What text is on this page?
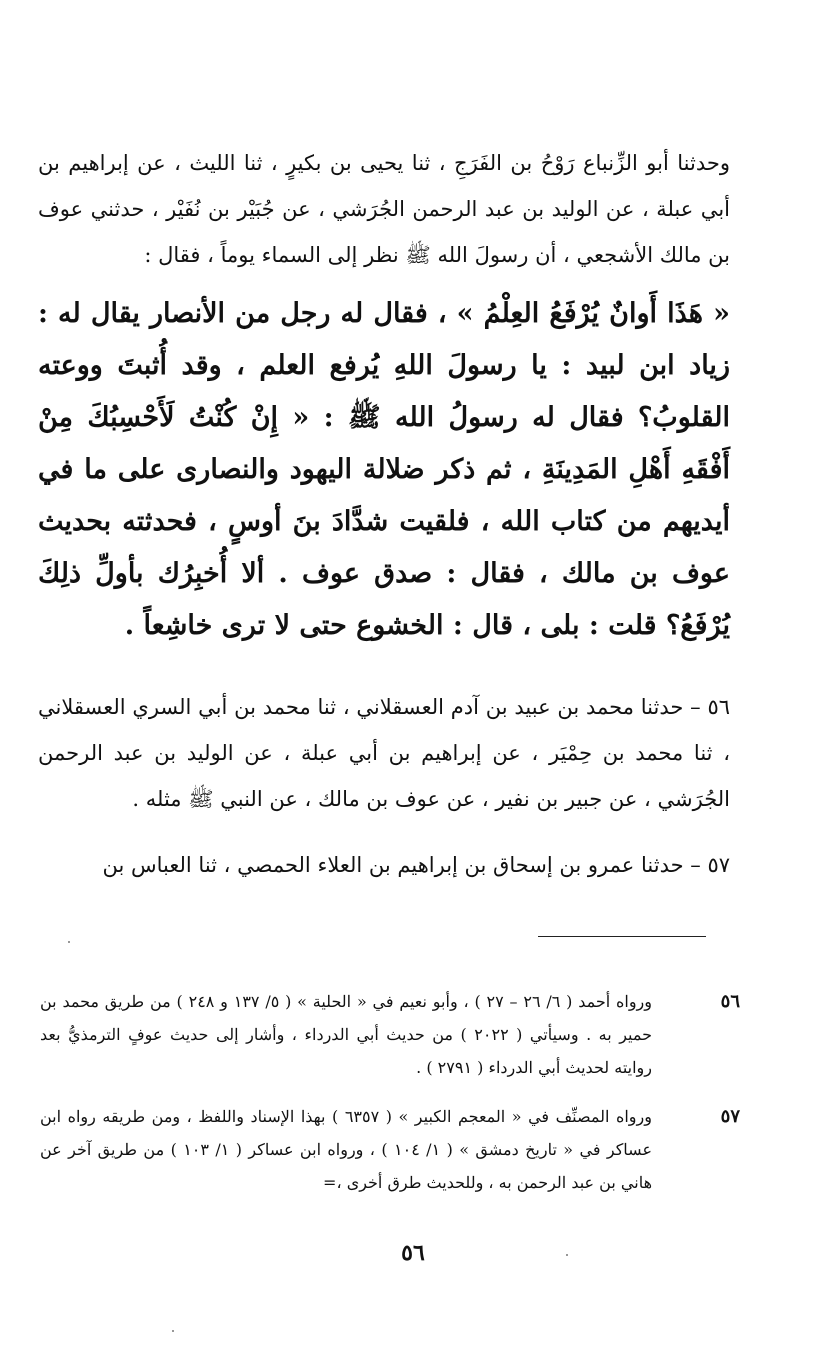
وحدثنا أبو الزِّنباع رَوْحُ بن الفَرَجِ ، ثنا يحيى بن بكيرٍ ، ثنا الليث ، عن إبراهيم بن أبي عبلة ، عن الوليد بن عبد الرحمن الجُرَشي ، عن جُبَيْر بن نُفَيْر ، حدثني عوف بن مالك الأشجعي ، أن رسولَ الله ﷺ نظر إلى السماء يوماً ، فقال :

« هَذَا أَوانٌ يُرْفَعُ العِلْمُ » ، فقال له رجل من الأنصار يقال له : زياد ابن لبيد : يا رسولَ اللهِ يُرفع العلم ، وقد أُثبتَ ووعته القلوبُ؟ فقال له رسولُ الله ﷺ : « إِنْ كُنْتُ لَأَحْسِبُكَ مِنْ أَفْقَهِ أَهْلِ المَدِينَةِ ، ثم ذكر ضلالة اليهود والنصارى على ما في أيديهم من كتاب الله ، فلقيت شدَّادَ بنَ أوسٍ ، فحدثته بحديث عوف بن مالك ، فقال : صدق عوف . ألا أُخبِرُك بأولِّ ذلِكَ يُرْفَعُ؟ قلت : بلى ، قال : الخشوع حتى لا ترى خاشِعاً .

٥٦ – حدثنا محمد بن عبيد بن آدم العسقلاني ، ثنا محمد بن أبي السري العسقلاني ، ثنا محمد بن حِمْيَر ، عن إبراهيم بن أبي عبلة ، عن الوليد بن عبد الرحمن الجُرَشي ، عن جبير بن نفير ، عن عوف بن مالك ، عن النبي ﷺ مثله .

٥٧ – حدثنا عمرو بن إسحاق بن إبراهيم بن العلاء الحمصي ، ثنا العباس بن

٥٦
ورواه أحمد ( ٦/ ٢٦ – ٢٧ ) ، وأبو نعيم في « الحلية » ( ٥/ ١٣٧ و ٢٤٨ ) من طريق محمد بن حمير به . وسيأتي ( ٢٠٢٢ ) من حديث أبي الدرداء ، وأشار إلى حديث عوفٍ الترمذيُّ بعد روايته لحديث أبي الدرداء ( ٢٧٩١ ) .
٥٧
ورواه المصنِّف في « المعجم الكبير » ( ٦٣٥٧ ) بهذا الإسناد واللفظ ، ومن طريقه رواه ابن عساكر في « تاريخ دمشق » ( ١/ ١٠٤ ) ، ورواه ابن عساكر ( ١/ ١٠٣ ) من طريق آخر عن هاني بن عبد الرحمن به ، وللحديث طرق أخرى ،=
٥٦
